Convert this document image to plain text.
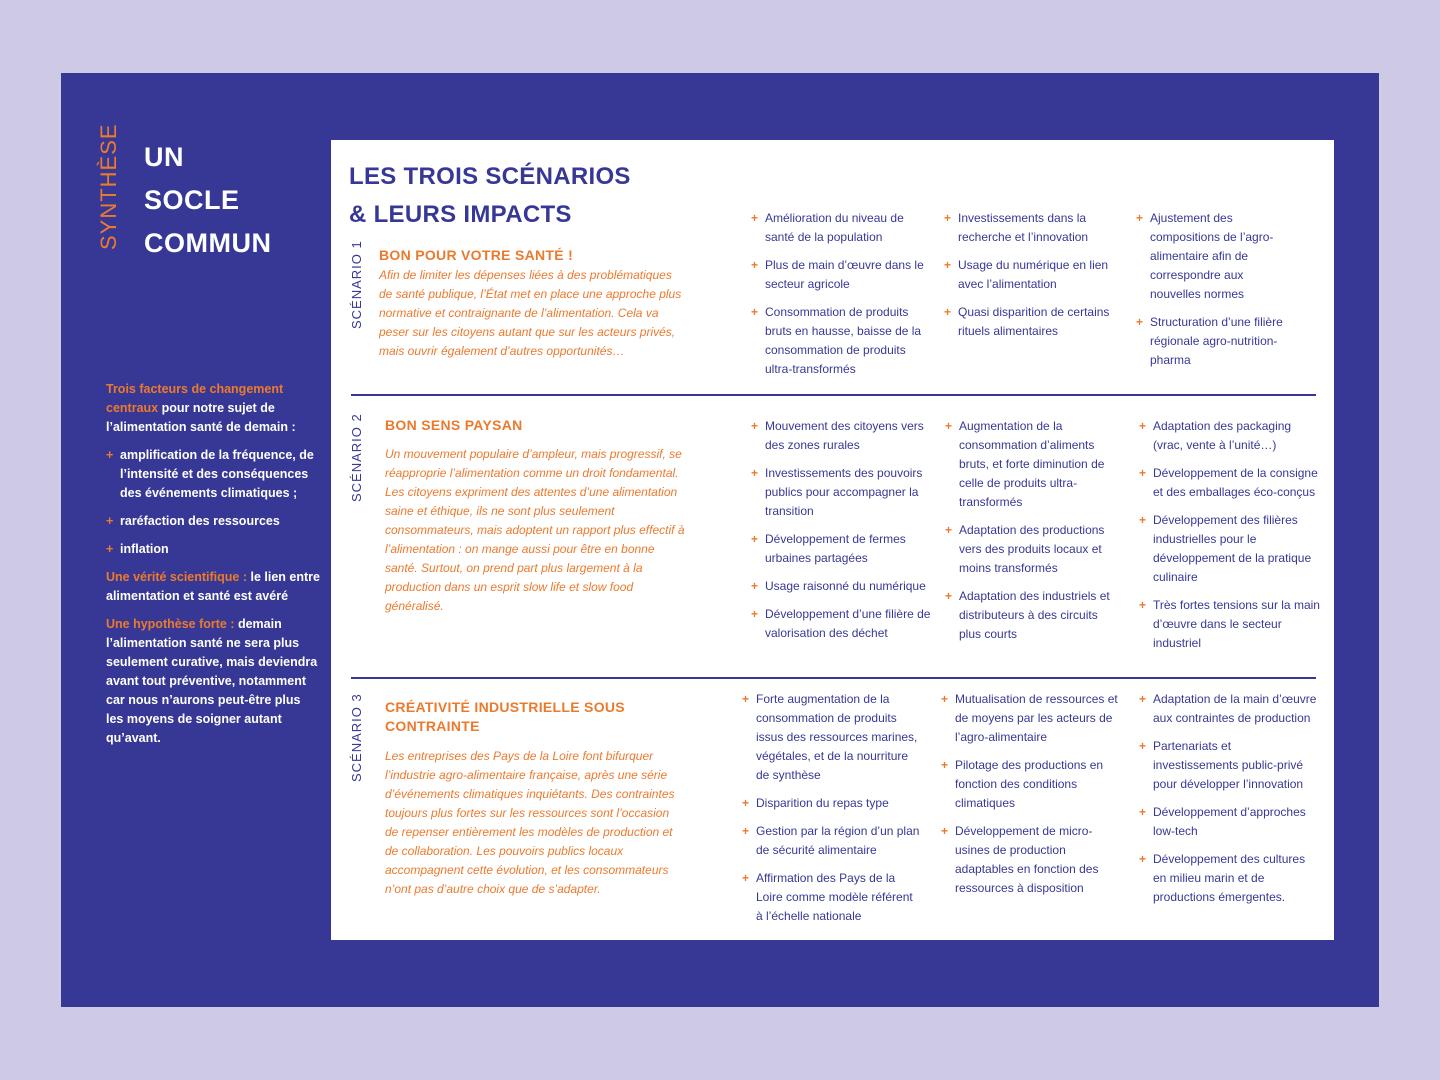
SYNTHÈSE UN
SOCLE
COMMUN

Trois facteurs de changement centraux pour notre sujet de l’alimentation santé de demain :

+ amplification de la fréquence, de l’intensité et des conséquences des événements climatiques ;
+ raréfaction des ressources
+ inflation

Une vérité scientifique : le lien entre alimentation et santé est avéré

Une hypothèse forte : demain l’alimentation santé ne sera plus seulement curative, mais deviendra avant tout préventive, notamment car nous n’aurons peut-être plus les moyens de soigner autant qu’avant.

LES TROIS SCÉNARIOS
& LEURS IMPACTS
SCÉNARIO 1 BON POUR VOTRE SANTÉ !
Afin de limiter les dépenses liées à des problématiques de santé publique, l’État met en place une approche plus normative et contraignante de l’alimentation. Cela va peser sur les citoyens autant que sur les acteurs privés, mais ouvrir également d’autres opportunités…
+ Amélioration du niveau de santé de la population
+ Plus de main d’œuvre dans le secteur agricole
+ Consommation de produits bruts en hausse, baisse de la consommation de produits ultra-transformés
+ Investissements dans la recherche et l’innovation
+ Usage du numérique en lien avec l’alimentation
+ Quasi disparition de certains rituels alimentaires
+ Ajustement des compositions de l’agro-alimentaire afin de correspondre aux nouvelles normes
+ Structuration d’une filière régionale agro-nutrition-pharma
SCÉNARIO 2 BON SENS PAYSAN
Un mouvement populaire d’ampleur, mais progressif, se réapproprie l’alimentation comme un droit fondamental. Les citoyens expriment des attentes d’une alimentation saine et éthique, ils ne sont plus seulement consommateurs, mais adoptent un rapport plus effectif à l’alimentation : on mange aussi pour être en bonne santé. Surtout, on prend part plus largement à la production dans un esprit slow life et slow food généralisé.
+ Mouvement des citoyens vers des zones rurales
+ Investissements des pouvoirs publics pour accompagner la transition
+ Développement de fermes urbaines partagées
+ Usage raisonné du numérique
+ Développement d’une filière de valorisation des déchet
+ Augmentation de la consommation d’aliments bruts, et forte diminution de celle de produits ultra-transformés
+ Adaptation des productions vers des produits locaux et moins transformés
+ Adaptation des industriels et distributeurs à des circuits plus courts
+ Adaptation des packaging (vrac, vente à l’unité…)
+ Développement de la consigne et des emballages éco-conçus
+ Développement des filières industrielles pour le développement de la pratique culinaire
+ Très fortes tensions sur la main d’œuvre dans le secteur industriel
SCÉNARIO 3 CRÉATIVITÉ INDUSTRIELLE SOUS CONTRAINTE
Les entreprises des Pays de la Loire font bifurquer l’industrie agro-alimentaire française, après une série d’événements climatiques inquiétants. Des contraintes toujours plus fortes sur les ressources sont l’occasion de repenser entièrement les modèles de production et de collaboration. Les pouvoirs publics locaux accompagnent cette évolution, et les consommateurs n’ont pas d’autre choix que de s’adapter.
+ Forte augmentation de la consommation de produits issus des ressources marines, végétales, et de la nourriture de synthèse
+ Disparition du repas type
+ Gestion par la région d’un plan de sécurité alimentaire
+ Affirmation des Pays de la Loire comme modèle référent à l’échelle nationale
+ Mutualisation de ressources et de moyens par les acteurs de l’agro-alimentaire
+ Pilotage des productions en fonction des conditions climatiques
+ Développement de micro-usines de production adaptables en fonction des ressources à disposition
+ Adaptation de la main d’œuvre aux contraintes de production
+ Partenariats et investissements public-privé pour développer l’innovation
+ Développement d’approches low-tech
+ Développement des cultures en milieu marin et de productions émergentes.
